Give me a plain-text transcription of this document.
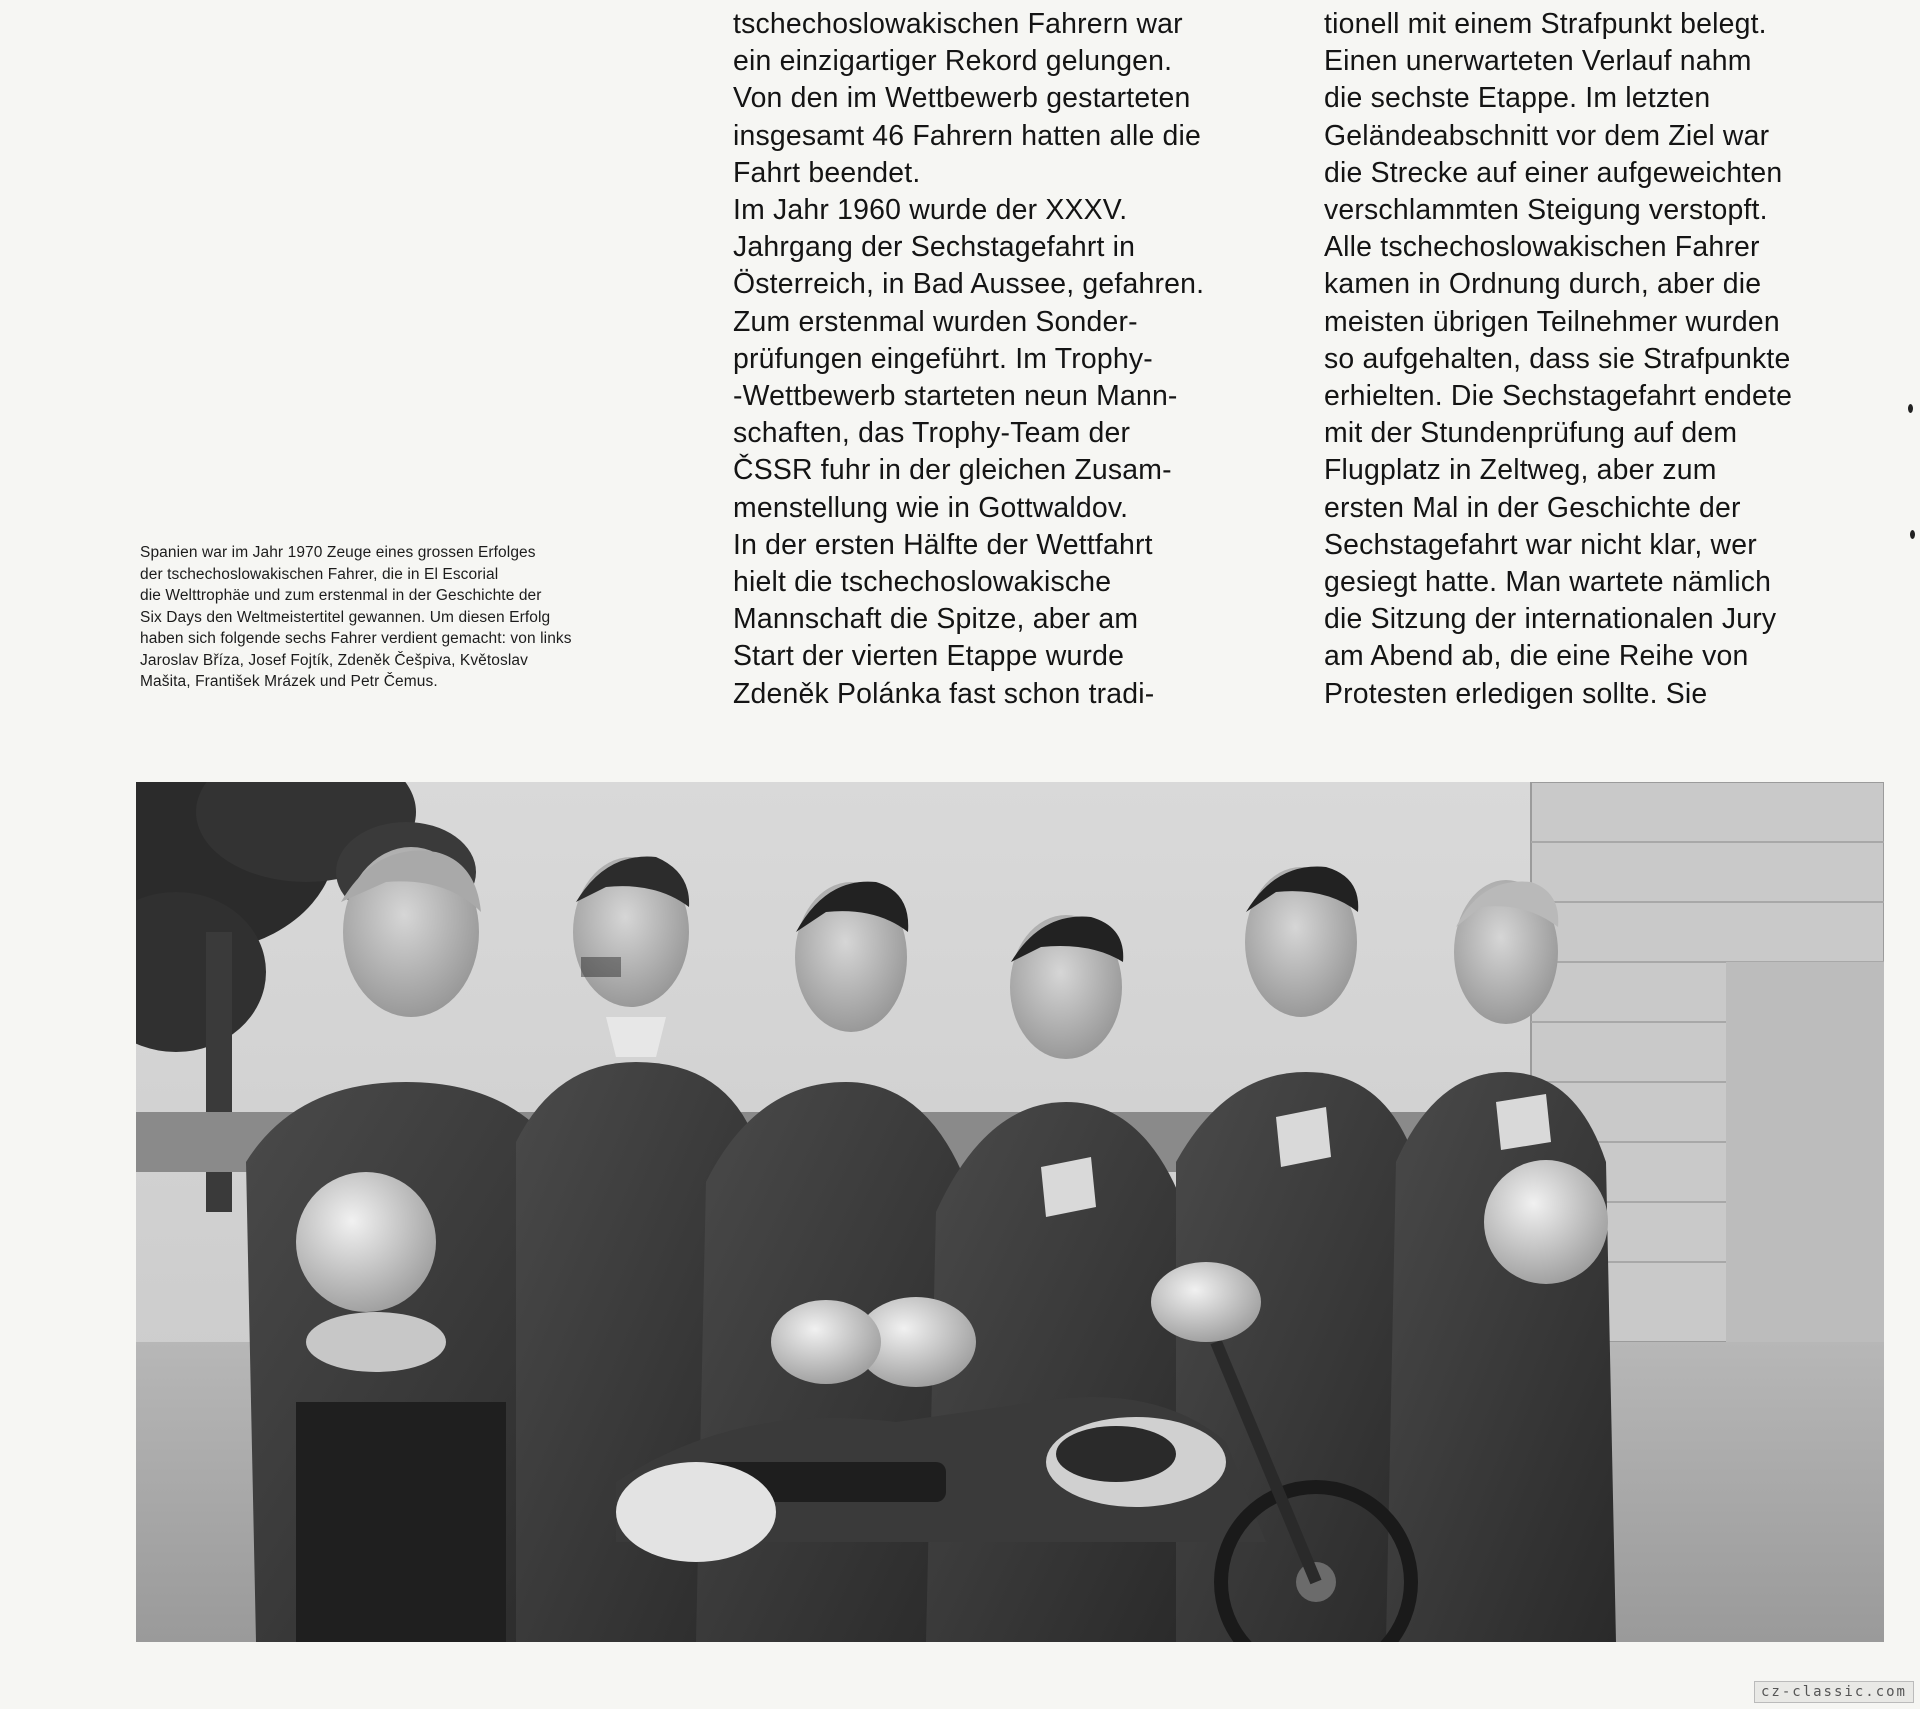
Spanien war im Jahr 1970 Zeuge eines grossen Erfolges
der tschechoslowakischen Fahrer, die in El Escorial
die Welttrophäe und zum erstenmal in der Geschichte der
Six Days den Weltmeistertitel gewannen. Um diesen Erfolg
haben sich folgende sechs Fahrer verdient gemacht: von links
Jaroslav Bříza, Josef Fojtík, Zdeněk Češpiva, Květoslav
Mašita, František Mrázek und Petr Čemus.
tschechoslowakischen Fahrern war
ein einzigartiger Rekord gelungen.
Von den im Wettbewerb gestarteten
insgesamt 46 Fahrern hatten alle die
Fahrt beendet.
Im Jahr 1960 wurde der XXXV.
Jahrgang der Sechstagefahrt in
Österreich, in Bad Aussee, gefahren.
Zum erstenmal wurden Sonder-
prüfungen eingeführt. Im Trophy-
-Wettbewerb starteten neun Mann-
schaften, das Trophy-Team der
ČSSR fuhr in der gleichen Zusam-
menstellung wie in Gottwaldov.
In der ersten Hälfte der Wettfahrt
hielt die tschechoslowakische
Mannschaft die Spitze, aber am
Start der vierten Etappe wurde
Zdeněk Polánka fast schon tradi-
tionell mit einem Strafpunkt belegt.
Einen unerwarteten Verlauf nahm
die sechste Etappe. Im letzten
Geländeabschnitt vor dem Ziel war
die Strecke auf einer aufgeweichten
verschlammten Steigung verstopft.
Alle tschechoslowakischen Fahrer
kamen in Ordnung durch, aber die
meisten übrigen Teilnehmer wurden
so aufgehalten, dass sie Strafpunkte
erhielten. Die Sechstagefahrt endete
mit der Stundenprüfung auf dem
Flugplatz in Zeltweg, aber zum
ersten Mal in der Geschichte der
Sechstagefahrt war nicht klar, wer
gesiegt hatte. Man wartete nämlich
die Sitzung der internationalen Jury
am Abend ab, die eine Reihe von
Protesten erledigen sollte. Sie
cz-classic.com
